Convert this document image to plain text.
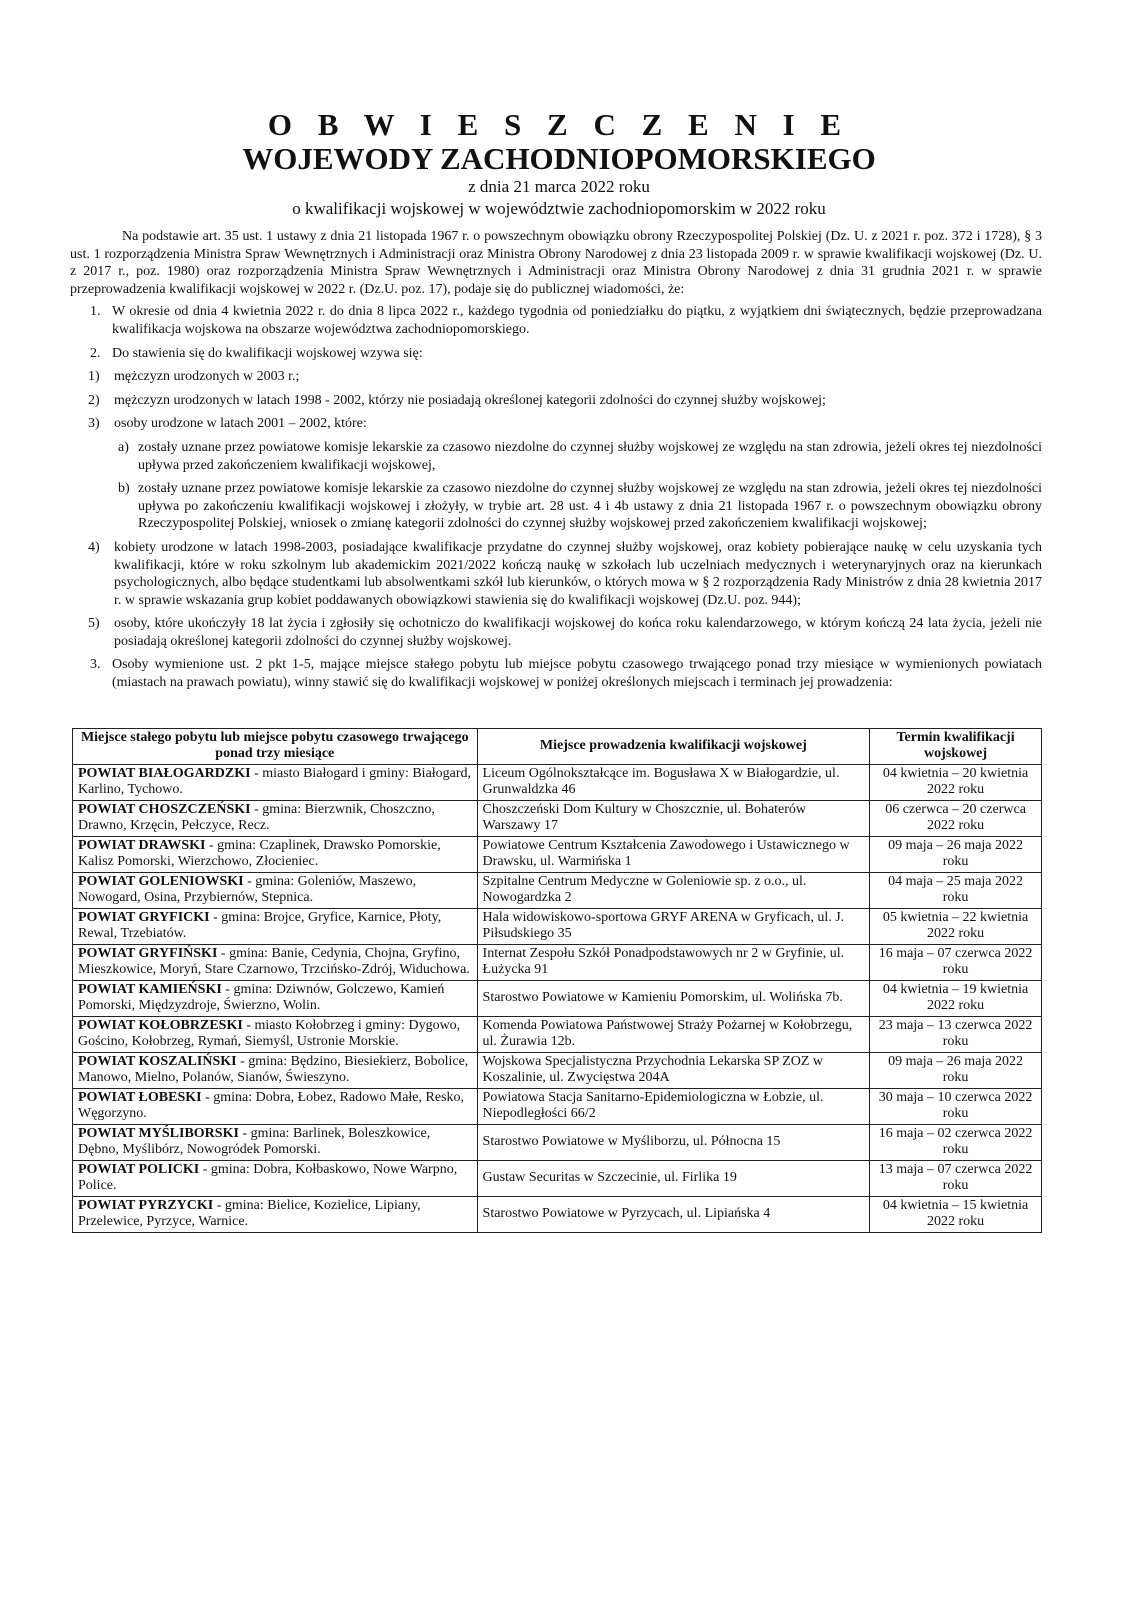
O B W I E S Z C Z E N I E
WOJEWODY ZACHODNIOPOMORSKIEGO

z dnia 21 marca 2022 roku

o kwalifikacji wojskowej w województwie zachodniopomorskim w 2022 roku

Na podstawie art. 35 ust. 1 ustawy z dnia 21 listopada 1967 r. o powszechnym obowiązku obrony Rzeczypospolitej Polskiej (Dz. U. z 2021 r. poz. 372 i 1728), § 3 ust. 1 rozporządzenia Ministra Spraw Wewnętrznych i Administracji oraz Ministra Obrony Narodowej z dnia 23 listopada 2009 r. w sprawie kwalifikacji wojskowej (Dz. U. z 2017 r., poz. 1980) oraz rozporządzenia Ministra Spraw Wewnętrznych i Administracji oraz Ministra Obrony Narodowej z dnia 31 grudnia 2021 r. w sprawie przeprowadzenia kwalifikacji wojskowej w 2022 r. (Dz.U. poz. 17), podaje się do publicznej wiadomości, że:

1. W okresie od dnia 4 kwietnia 2022 r. do dnia 8 lipca 2022 r., każdego tygodnia od poniedziałku do piątku, z wyjątkiem dni świątecznych, będzie przeprowadzana kwalifikacja wojskowa na obszarze województwa zachodniopomorskiego.
2. Do stawienia się do kwalifikacji wojskowej wzywa się:
1)	mężczyzn urodzonych w 2003 r.;
2)	mężczyzn urodzonych w latach 1998 - 2002, którzy nie posiadają określonej kategorii zdolności do czynnej służby wojskowej;
3)	osoby urodzone w latach 2001 – 2002, które:
a) zostały uznane przez powiatowe komisje lekarskie za czasowo niezdolne do czynnej służby wojskowej ze względu na stan zdrowia, jeżeli okres tej niezdolności upływa przed zakończeniem kwalifikacji wojskowej,
b) zostały uznane przez powiatowe komisje lekarskie za czasowo niezdolne do czynnej służby wojskowej ze względu na stan zdrowia, jeżeli okres tej niezdolności upływa po zakończeniu kwalifikacji wojskowej i złożyły, w trybie art. 28 ust. 4 i 4b ustawy z dnia 21 listopada 1967 r. o powszechnym obowiązku obrony Rzeczypospolitej Polskiej, wniosek o zmianę kategorii zdolności do czynnej służby wojskowej przed zakończeniem kwalifikacji wojskowej;
4)	kobiety urodzone w latach 1998-2003, posiadające kwalifikacje przydatne do czynnej służby wojskowej, oraz kobiety pobierające naukę w celu uzyskania tych kwalifikacji, które w roku szkolnym lub akademickim 2021/2022 kończą naukę w szkołach lub uczelniach medycznych i weterynaryjnych oraz na kierunkach psychologicznych, albo będące studentkami lub absolwentkami szkół lub kierunków, o których mowa w § 2 rozporządzenia Rady Ministrów z dnia 28 kwietnia 2017 r. w sprawie wskazania grup kobiet poddawanych obowiązkowi stawienia się do kwalifikacji wojskowej (Dz.U. poz. 944);
5)	osoby, które ukończyły 18 lat życia i zgłosiły się ochotniczo do kwalifikacji wojskowej do końca roku kalendarzowego, w którym kończą 24 lata życia, jeżeli nie posiadają określonej kategorii zdolności do czynnej służby wojskowej.
3. Osoby wymienione ust. 2 pkt 1-5, mające miejsce stałego pobytu lub miejsce pobytu czasowego trwającego ponad trzy miesiące w wymienionych powiatach (miastach na prawach powiatu), winny stawić się do kwalifikacji wojskowej w poniżej określonych miejscach i terminach jej prowadzenia:
Miejsce stałego pobytu lub miejsce pobytu czasowego trwającego ponad trzy miesiące	Miejsce prowadzenia kwalifikacji wojskowej	Termin kwalifikacji wojskowej
POWIAT BIAŁOGARDZKI - miasto Białogard i gminy: Białogard, Karlino, Tychowo.	Liceum Ogólnokształcące im. Bogusława X w Białogardzie, ul. Grunwaldzka 46	04 kwietnia – 20 kwietnia 2022 roku
POWIAT CHOSZCZEŃSKI - gmina: Bierzwnik, Choszczno, Drawno, Krzęcin, Pełczyce, Recz.	Choszczeński Dom Kultury w Choszcznie, ul. Bohaterów Warszawy 17	06 czerwca – 20 czerwca 2022 roku
POWIAT DRAWSKI - gmina: Czaplinek, Drawsko Pomorskie, Kalisz Pomorski, Wierzchowo, Złocieniec.	Powiatowe Centrum Kształcenia Zawodowego i Ustawicznego w Drawsku, ul. Warmińska 1	09 maja – 26 maja 2022 roku
POWIAT GOLENIOWSKI - gmina: Goleniów, Maszewo, Nowogard, Osina, Przybiernów, Stepnica.	Szpitalne Centrum Medyczne w Goleniowie sp. z o.o., ul. Nowogardzka 2	04 maja – 25 maja 2022 roku
POWIAT GRYFICKI - gmina: Brojce, Gryfice, Karnice, Płoty, Rewal, Trzebiatów.	Hala widowiskowo-sportowa GRYF ARENA w Gryficach, ul. J. Piłsudskiego 35	05 kwietnia – 22 kwietnia 2022 roku
POWIAT GRYFIŃSKI - gmina: Banie, Cedynia, Chojna, Gryfino, Mieszkowice, Moryń, Stare Czarnowo, Trzcińsko-Zdrój, Widuchowa.	Internat Zespołu Szkół Ponadpodstawowych nr 2 w Gryfinie, ul. Łużycka 91	16 maja – 07 czerwca 2022 roku
POWIAT KAMIEŃSKI - gmina: Dziwnów, Golczewo, Kamień Pomorski, Międzyzdroje, Świerzno, Wolin.	Starostwo Powiatowe w Kamieniu Pomorskim, ul. Wolińska 7b.	04 kwietnia – 19 kwietnia 2022 roku
POWIAT KOŁOBRZESKI - miasto Kołobrzeg i gminy: Dygowo, Gościno, Kołobrzeg, Rymań, Siemyśl, Ustronie Morskie.	Komenda Powiatowa Państwowej Straży Pożarnej w Kołobrzegu, ul. Żurawia 12b.	23 maja – 13 czerwca 2022 roku
POWIAT KOSZALIŃSKI - gmina: Będzino, Biesiekierz, Bobolice, Manowo, Mielno, Polanów, Sianów, Świeszyno.	Wojskowa Specjalistyczna Przychodnia Lekarska SP ZOZ w Koszalinie, ul. Zwycięstwa 204A	09 maja – 26 maja 2022 roku
POWIAT ŁOBESKI - gmina: Dobra, Łobez, Radowo Małe, Resko, Węgorzyno.	Powiatowa Stacja Sanitarno-Epidemiologiczna w Łobzie, ul. Niepodległości 66/2	30 maja – 10 czerwca 2022 roku
POWIAT MYŚLIBORSKI - gmina: Barlinek, Boleszkowice, Dębno, Myślibórz, Nowogródek Pomorski.	Starostwo Powiatowe w Myśliborzu, ul. Północna 15	16 maja – 02 czerwca 2022 roku
POWIAT POLICKI - gmina: Dobra, Kołbaskowo, Nowe Warpno, Police.	Gustaw Securitas w Szczecinie, ul. Firlika 19	13 maja – 07 czerwca 2022 roku
POWIAT PYRZYCKI - gmina: Bielice, Kozielice, Lipiany, Przelewice, Pyrzyce, Warnice.	Starostwo Powiatowe w Pyrzycach, ul. Lipiańska 4	04 kwietnia – 15 kwietnia 2022 roku
